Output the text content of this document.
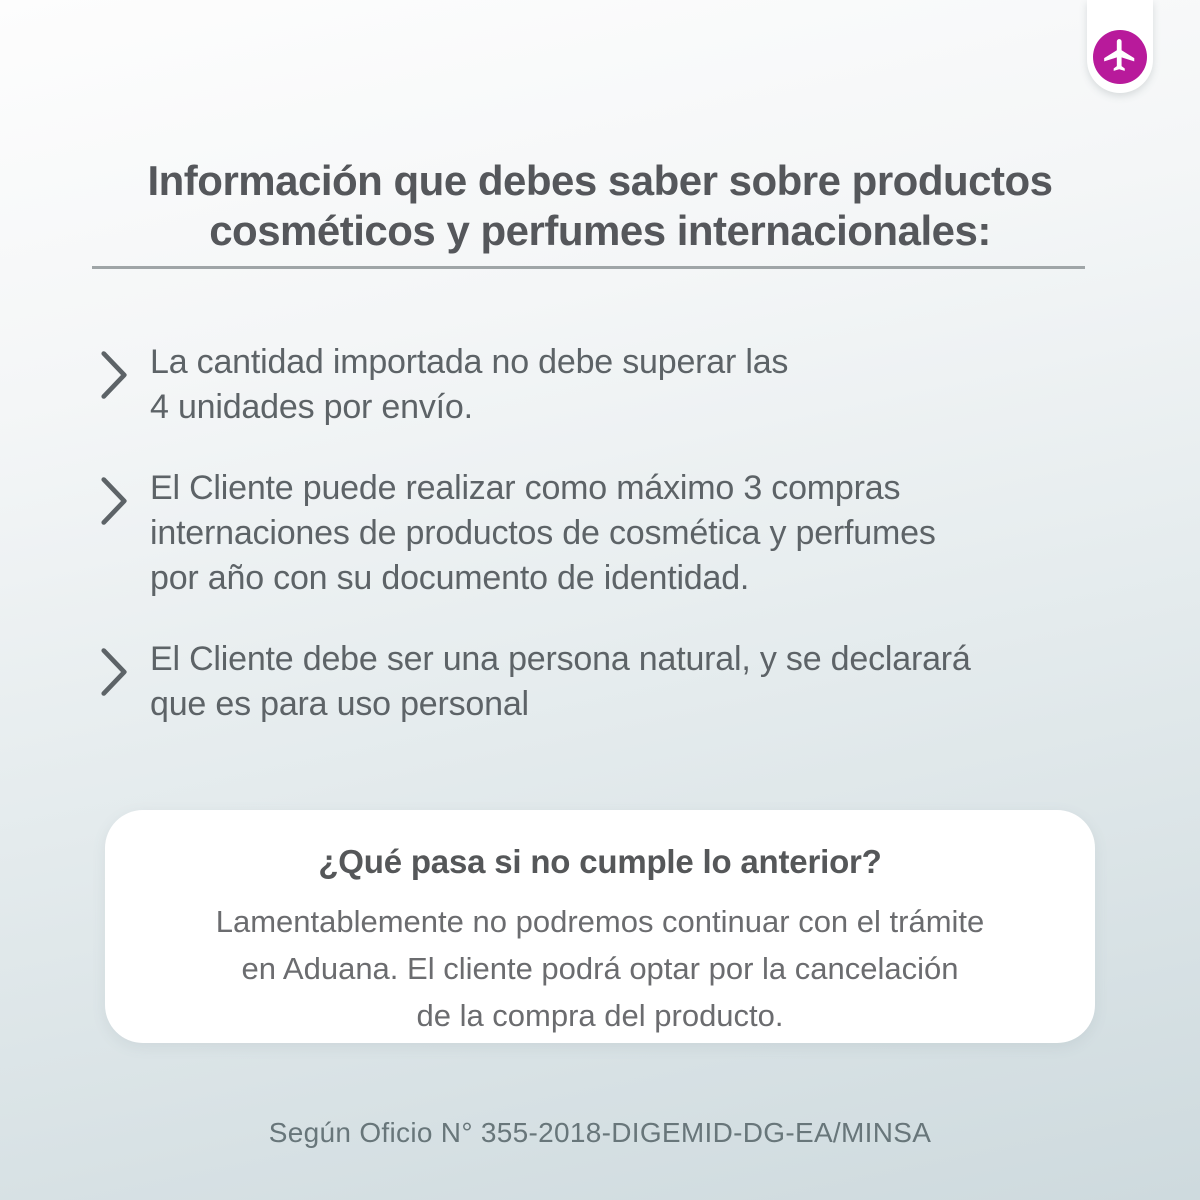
Información que debes saber sobre productos
cosméticos y perfumes internacionales:
La cantidad importada no debe superar las
4 unidades por envío.
El Cliente puede realizar como máximo 3 compras
internaciones de productos de cosmética y perfumes
por año con su documento de identidad.
El Cliente debe ser una persona natural, y se declarará
que es para uso personal
¿Qué pasa si no cumple lo anterior?
Lamentablemente no podremos continuar con el trámite
en Aduana. El cliente podrá optar por la cancelación
de la compra del producto.
Según Oficio N° 355-2018-DIGEMID-DG-EA/MINSA
